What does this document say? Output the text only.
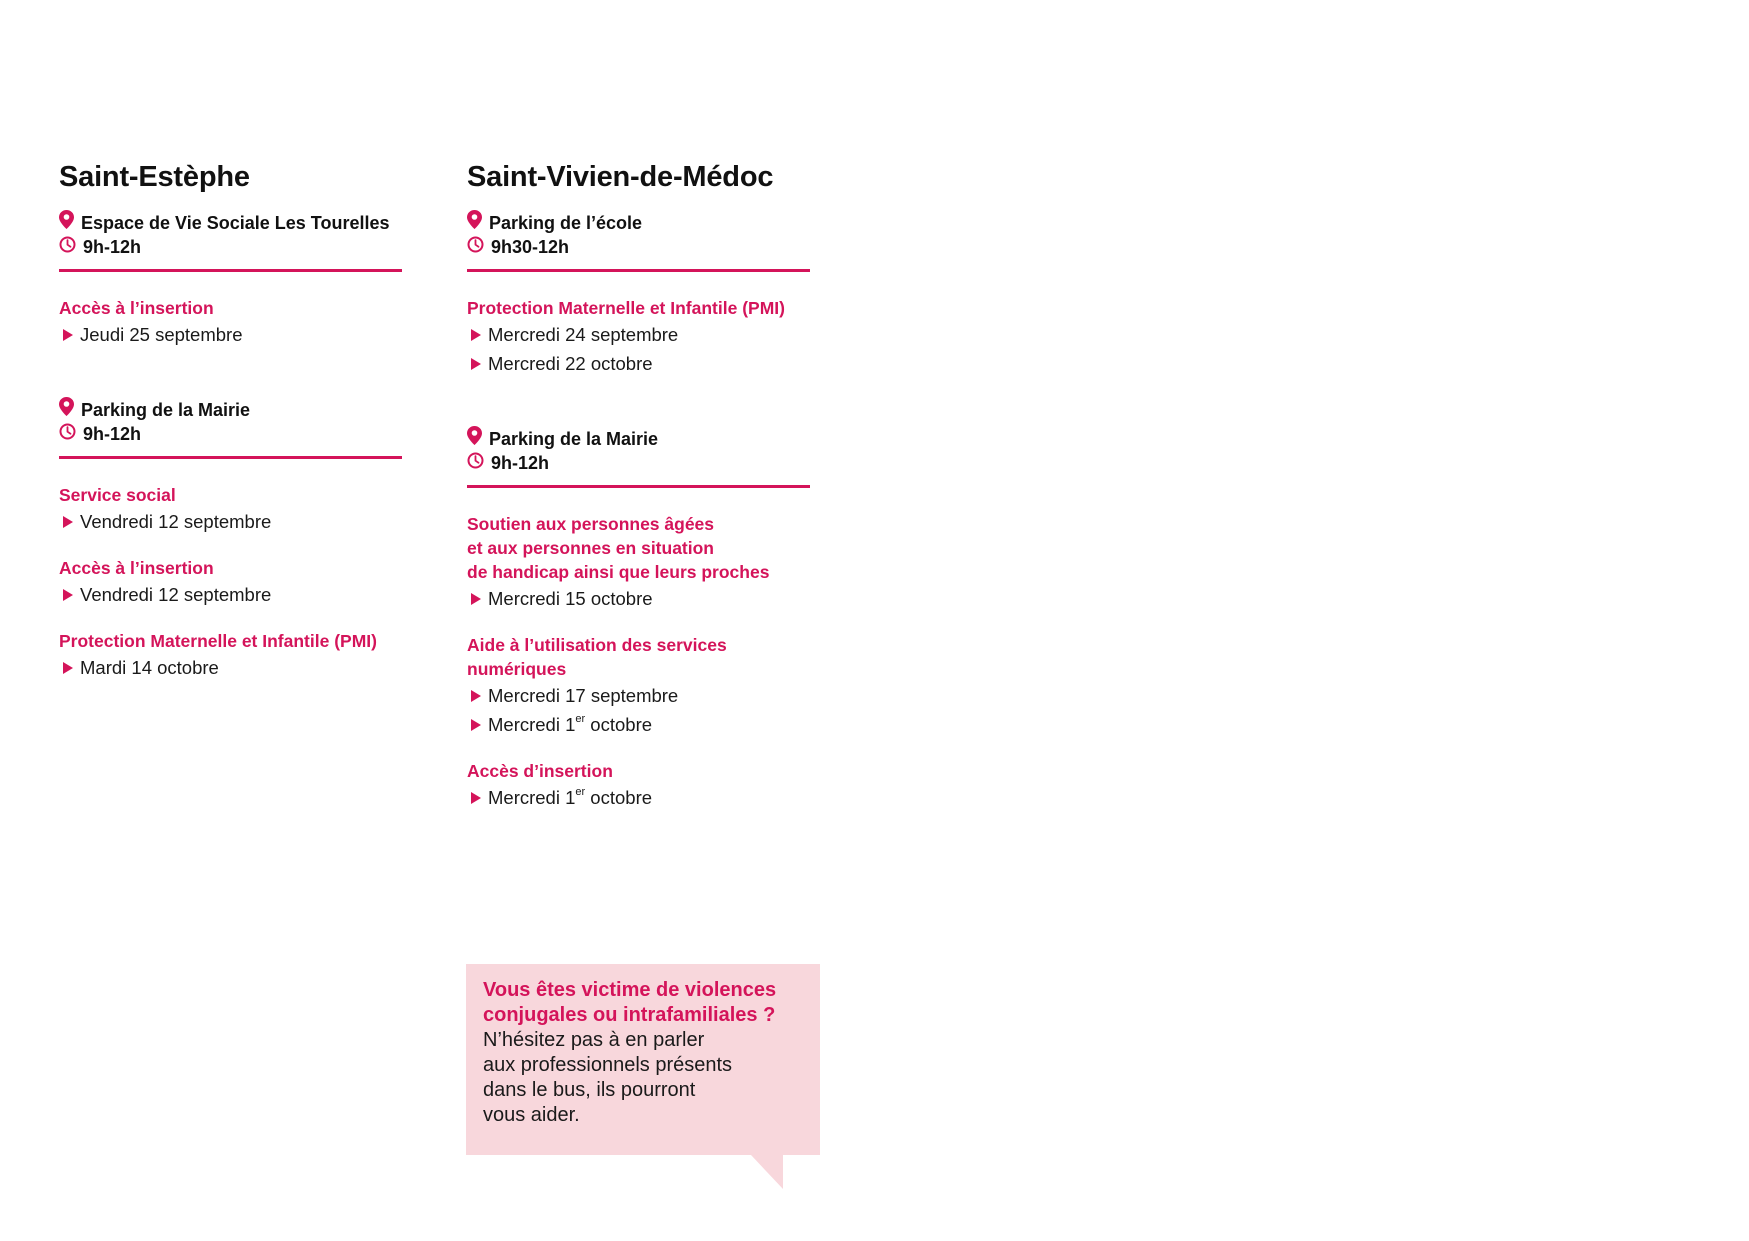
Saint-Estèphe
Espace de Vie Sociale Les Tourelles
9h-12h
Accès à l’insertion
Jeudi 25 septembre
Parking de la Mairie
9h-12h
Service social
Vendredi 12 septembre
Accès à l’insertion
Vendredi 12 septembre
Protection Maternelle et Infantile (PMI)
Mardi 14 octobre
Saint-Vivien-de-Médoc
Parking de l’école
9h30-12h
Protection Maternelle et Infantile (PMI)
Mercredi 24 septembre
Mercredi 22 octobre
Parking de la Mairie
9h-12h
Soutien aux personnes âgées
et aux personnes en situation
de handicap ainsi que leurs proches
Mercredi 15 octobre
Aide à l’utilisation des services
numériques
Mercredi 17 septembre
Mercredi 1er octobre
Accès d’insertion
Mercredi 1er octobre
Vous êtes victime de violences
conjugales ou intrafamiliales ?
N’hésitez pas à en parler
aux professionnels présents
dans le bus, ils pourront
vous aider.
